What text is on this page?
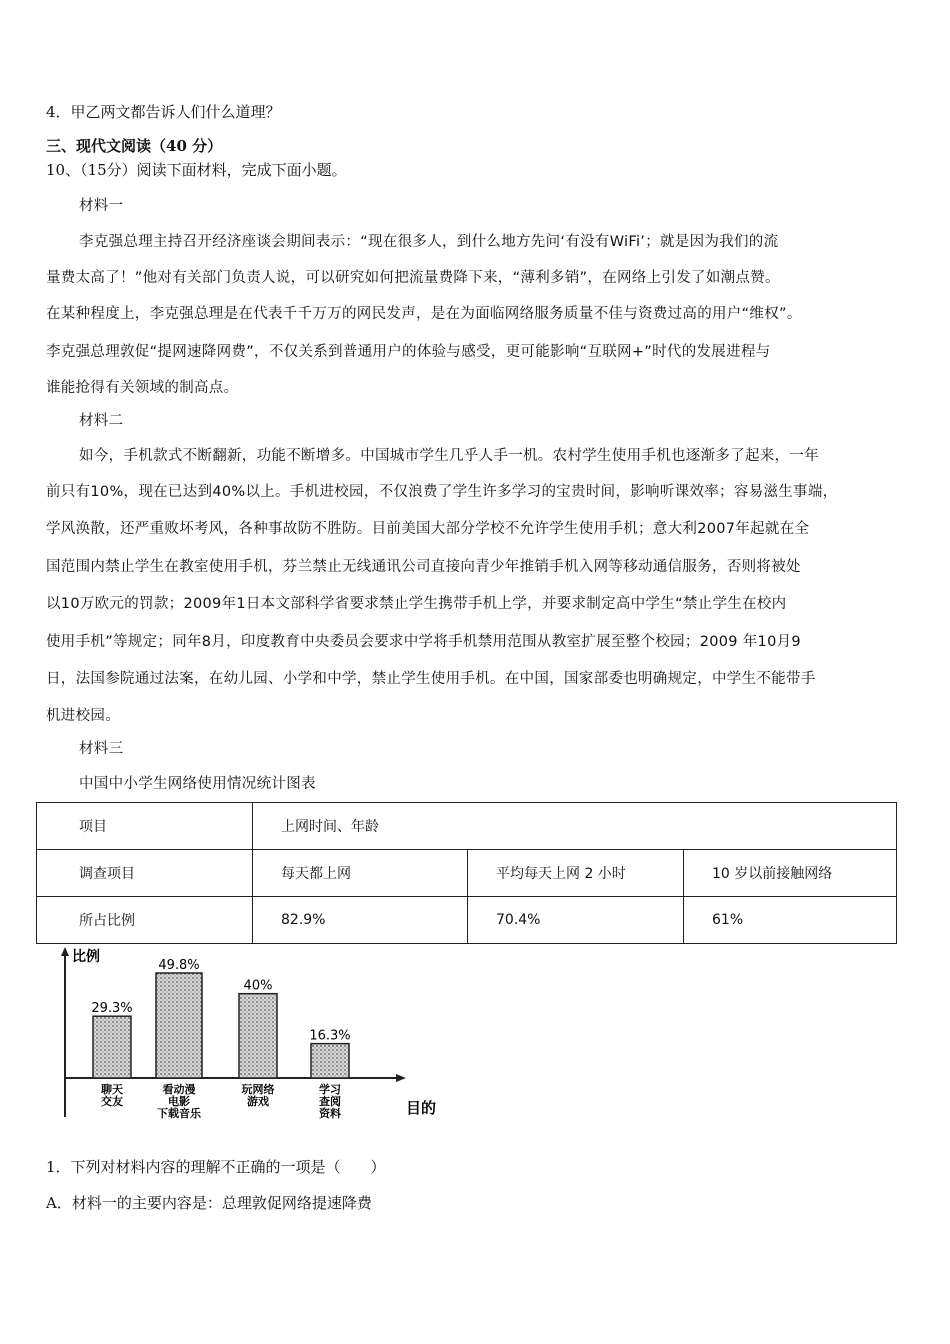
4．甲乙两文都告诉人们什么道理？
三、现代文阅读（40 分）
10、（15分）阅读下面材料，完成下面小题。
材料一
李克强总理主持召开经济座谈会期间表示：“现在很多人，到什么地方先问‘有没有WiFi’；就是因为我们的流
量费太高了！”他对有关部门负责人说，可以研究如何把流量费降下来，“薄利多销”，在网络上引发了如潮点赞。
在某种程度上，李克强总理是在代表千千万万的网民发声，是在为面临网络服务质量不佳与资费过高的用户“维权”。
李克强总理敦促“提网速降网费”，不仅关系到普通用户的体验与感受，更可能影响“互联网+”时代的发展进程与
谁能抢得有关领域的制高点。
材料二
如今，手机款式不断翻新，功能不断增多。中国城市学生几乎人手一机。农村学生使用手机也逐渐多了起来，一年
前只有10%，现在已达到40%以上。手机进校园，不仅浪费了学生许多学习的宝贵时间，影响听课效率；容易滋生事端，
学风涣散，还严重败坏考风，各种事故防不胜防。目前美国大部分学校不允许学生使用手机；意大利2007年起就在全
国范围内禁止学生在教室使用手机，芬兰禁止无线通讯公司直接向青少年推销手机入网等移动通信服务，否则将被处
以10万欧元的罚款；2009年1日本文部科学省要求禁止学生携带手机上学，并要求制定高中学生“禁止学生在校内
使用手机”等规定；同年8月，印度教育中央委员会要求中学将手机禁用范围从教室扩展至整个校园；2009 年10月9
日，法国参院通过法案，在幼儿园、小学和中学，禁止学生使用手机。在中国，国家部委也明确规定，中学生不能带手
机进校园。
材料三
中国中小学生网络使用情况统计图表
项目	上网时间、年龄		
调查项目	每天都上网	平均每天上网 2 小时	10 岁以前接触网络
所占比例	82.9%	70.4%	61%
比例
目的
29.3%
聊天
交友
49.8%
看动漫
电影
下载音乐
40%
玩网络
游戏
16.3%
学习
查阅
资料
1．下列对材料内容的理解不正确的一项是（　　）
A．材料一的主要内容是：总理敦促网络提速降费
